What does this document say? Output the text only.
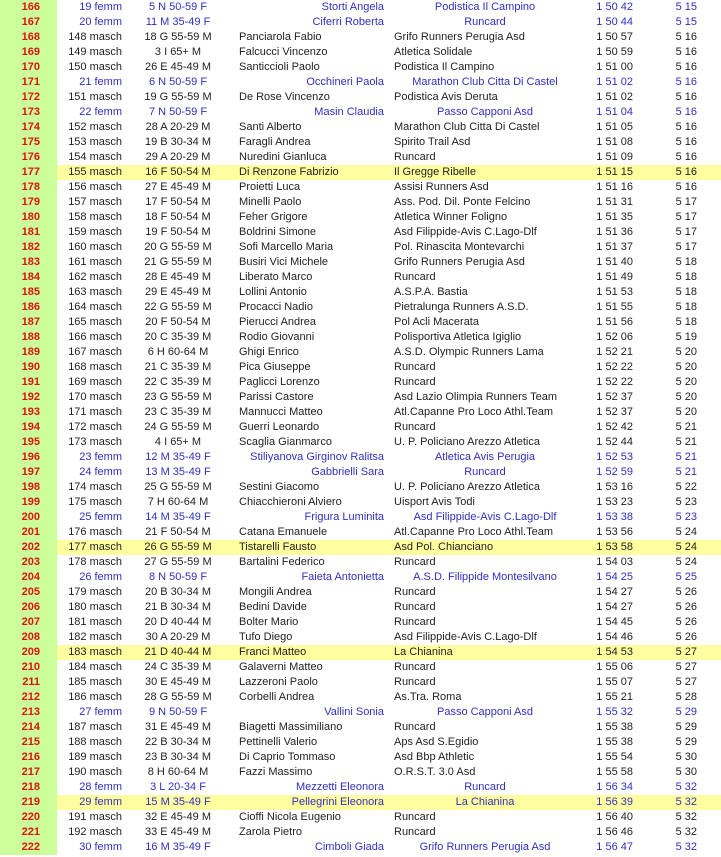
166	19 femm	5 N 50-59 F	Storti Angela	Podistica Il Campino	1 50 42	5 15
167	20 femm	11 M 35-49 F	Ciferri Roberta	Runcard	1 50 44	5 15
168	148 masch	18 G 55-59 M	Panciarola Fabio	Grifo Runners Perugia Asd	1 50 57	5 16
169	149 masch	3 I 65+ M	Falcucci Vincenzo	Atletica Solidale	1 50 59	5 16
170	150 masch	26 E 45-49 M	Santiccioli Paolo	Podistica Il Campino	1 51 00	5 16
171	21 femm	6 N 50-59 F	Occhineri Paola	Marathon Club Citta Di Castel	1 51 02	5 16
172	151 masch	19 G 55-59 M	De Rose Vincenzo	Podistica Avis Deruta	1 51 02	5 16
173	22 femm	7 N 50-59 F	Masin Claudia	Passo Capponi Asd	1 51 04	5 16
174	152 masch	28 A 20-29 M	Santi Alberto	Marathon Club Citta Di Castel	1 51 05	5 16
175	153 masch	19 B 30-34 M	Faragli Andrea	Spirito Trail Asd	1 51 08	5 16
176	154 masch	29 A 20-29 M	Nuredini Gianluca	Runcard	1 51 09	5 16
177	155 masch	16 F 50-54 M	Di Renzone Fabrizio	Il Gregge Ribelle	1 51 15	5 16
178	156 masch	27 E 45-49 M	Proietti Luca	Assisi Runners Asd	1 51 16	5 16
179	157 masch	17 F 50-54 M	Minelli Paolo	Ass. Pod. Dil. Ponte Felcino	1 51 31	5 17
180	158 masch	18 F 50-54 M	Feher Grigore	Atletica Winner Foligno	1 51 35	5 17
181	159 masch	19 F 50-54 M	Boldrini Simone	Asd Filippide-Avis C.Lago-Dlf	1 51 36	5 17
182	160 masch	20 G 55-59 M	Sofi Marcello Maria	Pol. Rinascita Montevarchi	1 51 37	5 17
183	161 masch	21 G 55-59 M	Busiri Vici Michele	Grifo Runners Perugia Asd	1 51 40	5 18
184	162 masch	28 E 45-49 M	Liberato Marco	Runcard	1 51 49	5 18
185	163 masch	29 E 45-49 M	Lollini Antonio	A.S.P.A. Bastia	1 51 53	5 18
186	164 masch	22 G 55-59 M	Procacci Nadio	Pietralunga Runners A.S.D.	1 51 55	5 18
187	165 masch	20 F 50-54 M	Pierucci Andrea	Pol Acli Macerata	1 51 56	5 18
188	166 masch	20 C 35-39 M	Rodio Giovanni	Polisportiva Atletica Igiglio	1 52 06	5 19
189	167 masch	6 H 60-64 M	Ghigi Enrico	A.S.D. Olympic Runners Lama	1 52 21	5 20
190	168 masch	21 C 35-39 M	Pica Giuseppe	Runcard	1 52 22	5 20
191	169 masch	22 C 35-39 M	Paglicci Lorenzo	Runcard	1 52 22	5 20
192	170 masch	23 G 55-59 M	Parissi Castore	Asd Lazio Olimpia Runners Team	1 52 37	5 20
193	171 masch	23 C 35-39 M	Mannucci Matteo	Atl.Capanne Pro Loco Athl.Team	1 52 37	5 20
194	172 masch	24 G 55-59 M	Guerri Leonardo	Runcard	1 52 42	5 21
195	173 masch	4 I 65+ M	Scaglia Gianmarco	U. P. Policiano Arezzo Atletica	1 52 44	5 21
196	23 femm	12 M 35-49 F	Stiliyanova Girginov Ralitsa	Atletica Avis Perugia	1 52 53	5 21
197	24 femm	13 M 35-49 F	Gabbrielli Sara	Runcard	1 52 59	5 21
198	174 masch	25 G 55-59 M	Sestini Giacomo	U. P. Policiano Arezzo Atletica	1 53 16	5 22
199	175 masch	7 H 60-64 M	Chiacchieroni Alviero	Uisport Avis Todi	1 53 23	5 23
200	25 femm	14 M 35-49 F	Frigura Luminita	Asd Filippide-Avis C.Lago-Dlf	1 53 38	5 23
201	176 masch	21 F 50-54 M	Catana Emanuele	Atl.Capanne Pro Loco Athl.Team	1 53 56	5 24
202	177 masch	26 G 55-59 M	Tistarelli Fausto	Asd Pol. Chianciano	1 53 58	5 24
203	178 masch	27 G 55-59 M	Bartalini Federico	Runcard	1 54 03	5 24
204	26 femm	8 N 50-59 F	Faieta Antonietta	A.S.D. Filippide Montesilvano	1 54 25	5 25
205	179 masch	20 B 30-34 M	Mongili Andrea	Runcard	1 54 27	5 26
206	180 masch	21 B 30-34 M	Bedini Davide	Runcard	1 54 27	5 26
207	181 masch	20 D 40-44 M	Bolter Mario	Runcard	1 54 45	5 26
208	182 masch	30 A 20-29 M	Tufo Diego	Asd Filippide-Avis C.Lago-Dlf	1 54 46	5 26
209	183 masch	21 D 40-44 M	Franci Matteo	La Chianina	1 54 53	5 27
210	184 masch	24 C 35-39 M	Galaverni Matteo	Runcard	1 55 06	5 27
211	185 masch	30 E 45-49 M	Lazzeroni Paolo	Runcard	1 55 07	5 27
212	186 masch	28 G 55-59 M	Corbelli Andrea	As.Tra. Roma	1 55 21	5 28
213	27 femm	9 N 50-59 F	Vallini Sonia	Passo Capponi Asd	1 55 32	5 29
214	187 masch	31 E 45-49 M	Biagetti Massimiliano	Runcard	1 55 38	5 29
215	188 masch	22 B 30-34 M	Pettinelli Valerio	Aps Asd S.Egidio	1 55 38	5 29
216	189 masch	23 B 30-34 M	Di Caprio Tommaso	Asd Bbp Athletic	1 55 54	5 30
217	190 masch	8 H 60-64 M	Fazzi Massimo	O.R.S.T. 3.0 Asd	1 55 58	5 30
218	28 femm	3 L 20-34 F	Mezzetti Eleonora	Runcard	1 56 34	5 32
219	29 femm	15 M 35-49 F	Pellegrini Eleonora	La Chianina	1 56 39	5 32
220	191 masch	32 E 45-49 M	Cioffi Nicola Eugenio	Runcard	1 56 40	5 32
221	192 masch	33 E 45-49 M	Zarola Pietro	Runcard	1 56 46	5 32
222	30 femm	16 M 35-49 F	Cimboli Giada	Grifo Runners Perugia Asd	1 56 47	5 32
